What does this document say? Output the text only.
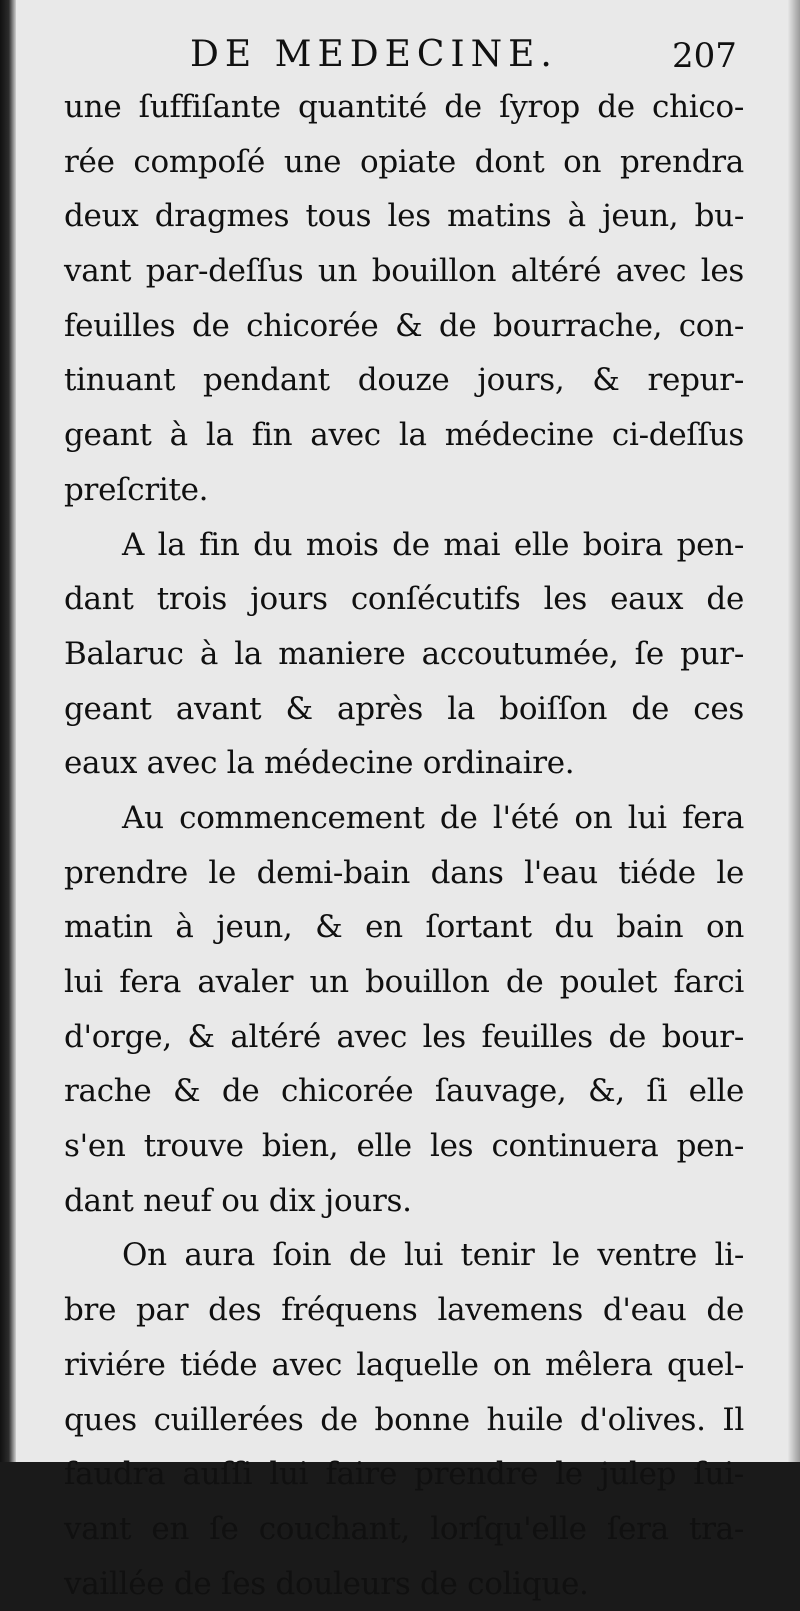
DE MEDECINE.	207
une ſuffiſante quantité de ſyrop de chico-
rée compoſé une opiate dont on prendra
deux dragmes tous les matins à jeun, bu-
vant par-deſſus un bouillon altéré avec les
feuilles de chicorée & de bourrache, con-
tinuant pendant douze jours, & repur-
geant à la fin avec la médecine ci-deſſus
preſcrite.
A la fin du mois de mai elle boira pen-
dant trois jours conſécutifs les eaux de
Balaruc à la maniere accoutumée, ſe pur-
geant avant & après la boiſſon de ces
eaux avec la médecine ordinaire.
Au commencement de l'été on lui fera
prendre le demi-bain dans l'eau tiéde le
matin à jeun, & en ſortant du bain on
lui fera avaler un bouillon de poulet farci
d'orge, & altéré avec les feuilles de bour-
rache & de chicorée ſauvage, &, ſi elle
s'en trouve bien, elle les continuera pen-
dant neuf ou dix jours.
On aura ſoin de lui tenir le ventre li-
bre par des fréquens lavemens d'eau de
riviére tiéde avec laquelle on mêlera quel-
ques cuillerées de bonne huile d'olives. Il
faudra auſſi lui faire prendre le julep ſui-
vant en ſe couchant, lorſqu'elle ſera tra-
vaillée de ſes douleurs de colique.
